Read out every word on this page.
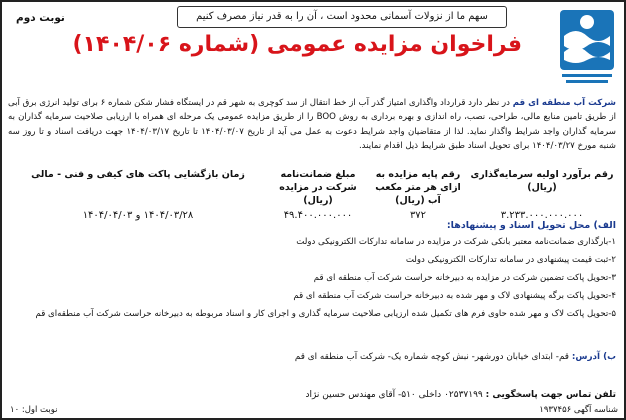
سهم ما از نزولات آسمانی محدود است ، آن را به قدر نیاز مصرف کنیم
نوبت دوم
فراخوان مزایده عمومی (شماره ۱۴۰۴/۰۶)
شرکت آب منطقه ای قم در نظر دارد قرارداد واگذاری امتیاز گذر آب از خط انتقال از سد کوچری به شهر قم در ایستگاه فشار شکن شماره ۶ برای تولید انرژی برق آبی از طریق تامین منابع مالی، طراحی، نصب، راه اندازی و بهره برداری به روش BOO را از طریق مزایده عمومی یک مرحله ای همراه با ارزیابی صلاحیت سرمایه گذاران به سرمایه گذاران واجد شرایط واگذار نماید. لذا از متقاضیان واجد شرایط دعوت به عمل می آید از تاریخ ۱۴۰۴/۰۳/۰۷ تا تاریخ ۱۴۰۴/۰۳/۱۷ جهت دریافت اسناد و تا روز سه شنبه مورخ ۱۴۰۴/۰۳/۲۷ برای تحویل اسناد طبق شرایط ذیل اقدام نمایند.
رقم برآورد اولیه سرمایه‌گذاری (ریال)
رقم پایه مزایده به ازای هر متر مکعب آب (ریال)
مبلغ ضمانت‌نامه شرکت در مزایده (ریال)
زمان بازگشایی پاکت های کیفی و فنی - مالی
۳.۲۳۳.۰۰۰.۰۰۰.۰۰۰
۳۷۲
۴۹.۴۰۰.۰۰۰.۰۰۰
۱۴۰۴/۰۳/۲۸ و ۱۴۰۴/۰۴/۰۳
الف) محل تحویل اسناد و پیشنهادها:
۱-بارگذاری ضمانت‌نامه معتبر بانکی شرکت در مزایده در سامانه تدارکات الکترونیکی دولت
۲-ثبت قیمت پیشنهادی در سامانه تدارکات الکترونیکی دولت
۳-تحویل پاکت تضمین شرکت در مزایده به دبیرخانه حراست شرکت آب منطقه ای قم
۴-تحویل پاکت برگه پیشنهادی لاک و مهر شده به دبیرخانه حراست شرکت آب منطقه ای قم
۵-تحویل پاکت لاک و مهر شده حاوی فرم های تکمیل شده ارزیابی صلاحیت سرمایه گذاری و اجرای کار و اسناد مربوطه به دبیرخانه حراست شرکت آب منطقه‌ای قم
ب) آدرس: قم- ابتدای خیابان دورشهر- نبش کوچه شماره یک- شرکت آب منطقه ای قم
تلفن تماس جهت پاسخگویی : ۰۲۵۳۷۱۹۹ داخلی ۵۱۰- آقای مهندس حسین نژاد
شناسه آگهی ۱۹۳۷۴۵۶
نوبت اول: ۱۰
